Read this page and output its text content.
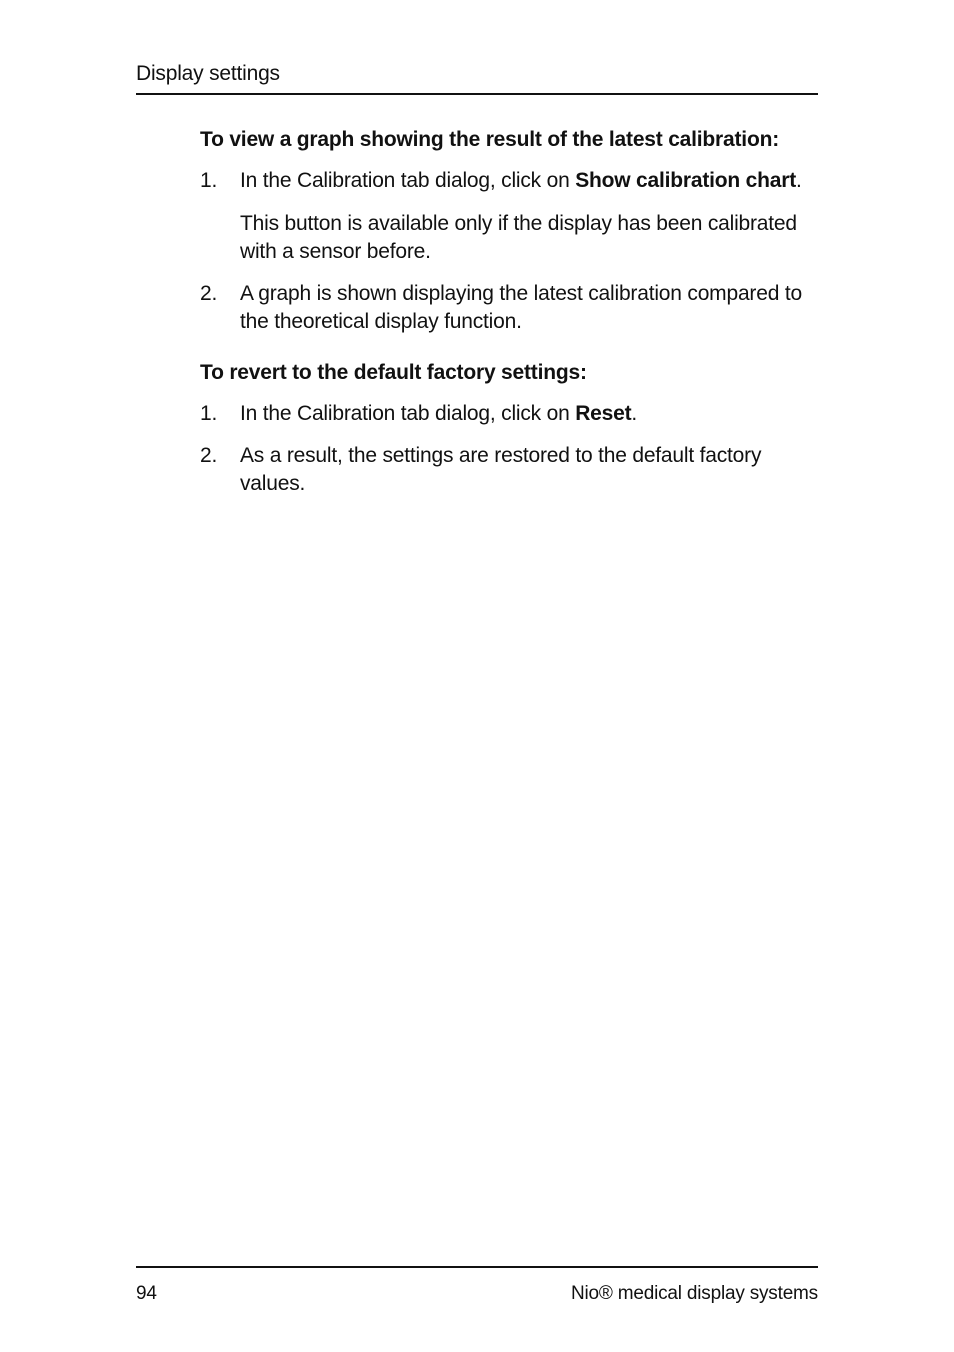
Display settings

To view a graph showing the result of the latest calibration:

1. In the Calibration tab dialog, click on Show calibration chart.

This button is available only if the display has been calibrated with a sensor before.

2. A graph is shown displaying the latest calibration compared to the theoretical display function.

To revert to the default factory settings:

1. In the Calibration tab dialog, click on Reset.

2. As a result, the settings are restored to the default factory values.

94	Nio® medical display systems
